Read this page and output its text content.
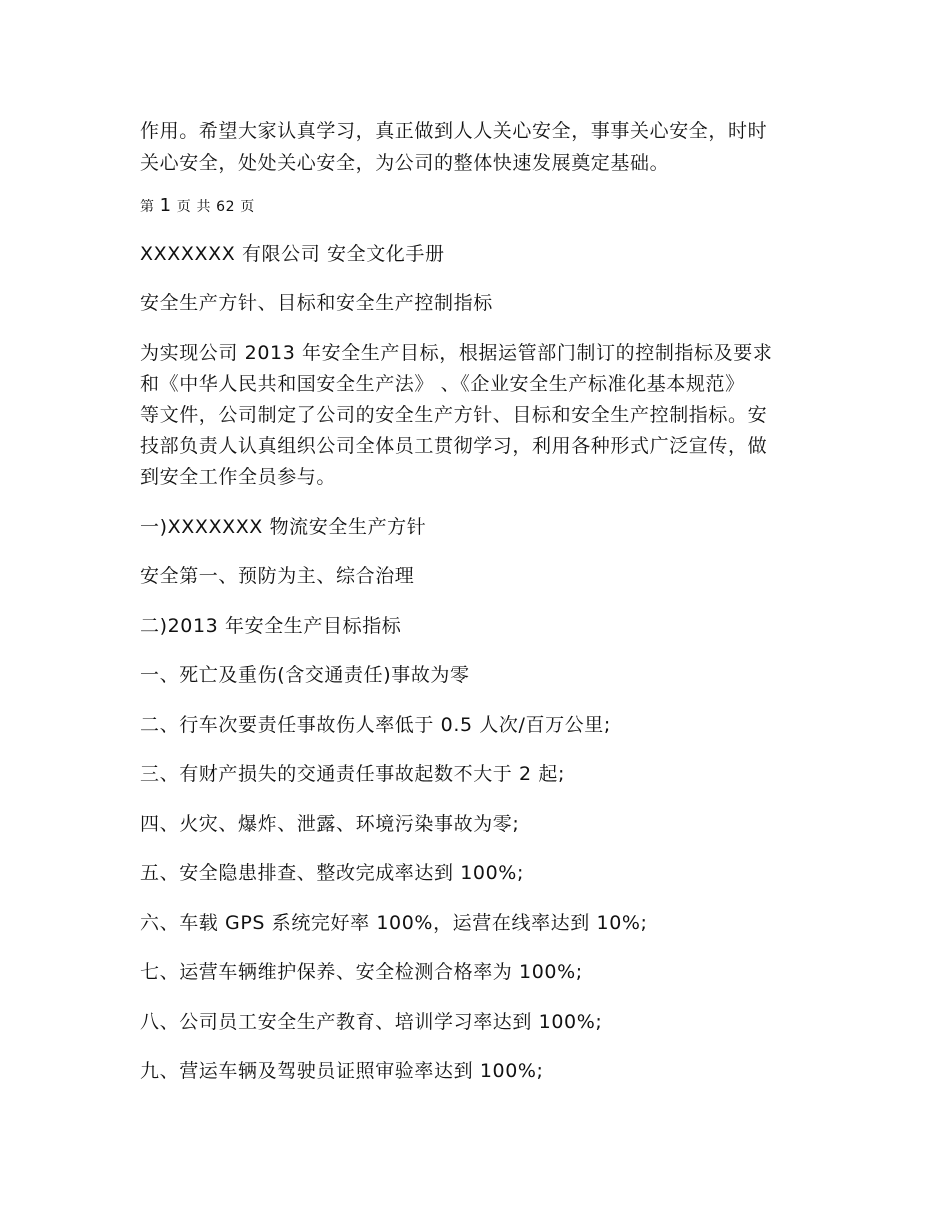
作用。希望大家认真学习，真正做到人人关心安全，事事关心安全，时时
关心安全，处处关心安全，为公司的整体快速发展奠定基础。
第 1 页 共 62 页
XXXXXXX 有限公司 安全文化手册
安全生产方针、目标和安全生产控制指标
为实现公司 2013 年安全生产目标，根据运管部门制订的控制指标及要求
和《中华人民共和国安全生产法》 、《企业安全生产标准化基本规范》
等文件，公司制定了公司的安全生产方针、目标和安全生产控制指标。安
技部负责人认真组织公司全体员工贯彻学习，利用各种形式广泛宣传，做
到安全工作全员参与。
一)XXXXXXX 物流安全生产方针
安全第一、预防为主、综合治理
二)2013 年安全生产目标指标
一、死亡及重伤(含交通责任)事故为零
二、行车次要责任事故伤人率低于 0.5 人次/百万公里;
三、有财产损失的交通责任事故起数不大于 2 起;
四、火灾、爆炸、泄露、环境污染事故为零;
五、安全隐患排查、整改完成率达到 100%;
六、车载 GPS 系统完好率 100%，运营在线率达到 10%;
七、运营车辆维护保养、安全检测合格率为 100%;
八、公司员工安全生产教育、培训学习率达到 100%;
九、营运车辆及驾驶员证照审验率达到 100%;
